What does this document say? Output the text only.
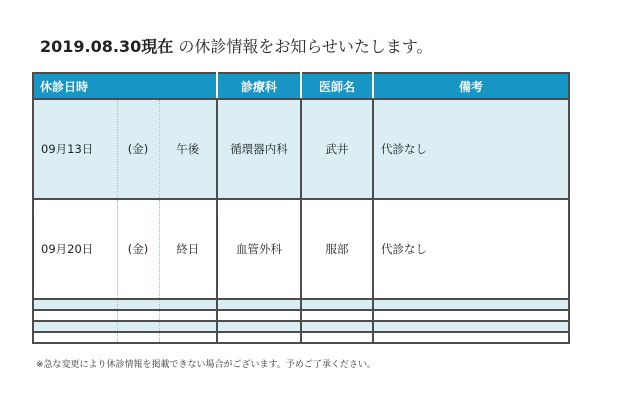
2019.08.30現在 の休診情報をお知らせいたします。
休診日時			診療科	医師名	備考
09月13日	(金)	午後	循環器内科	武井	代診なし
09月20日	(金)	終日	血管外科	服部	代診なし

※急な変更により休診情報を掲載できない場合がございます。予めご了承ください。
